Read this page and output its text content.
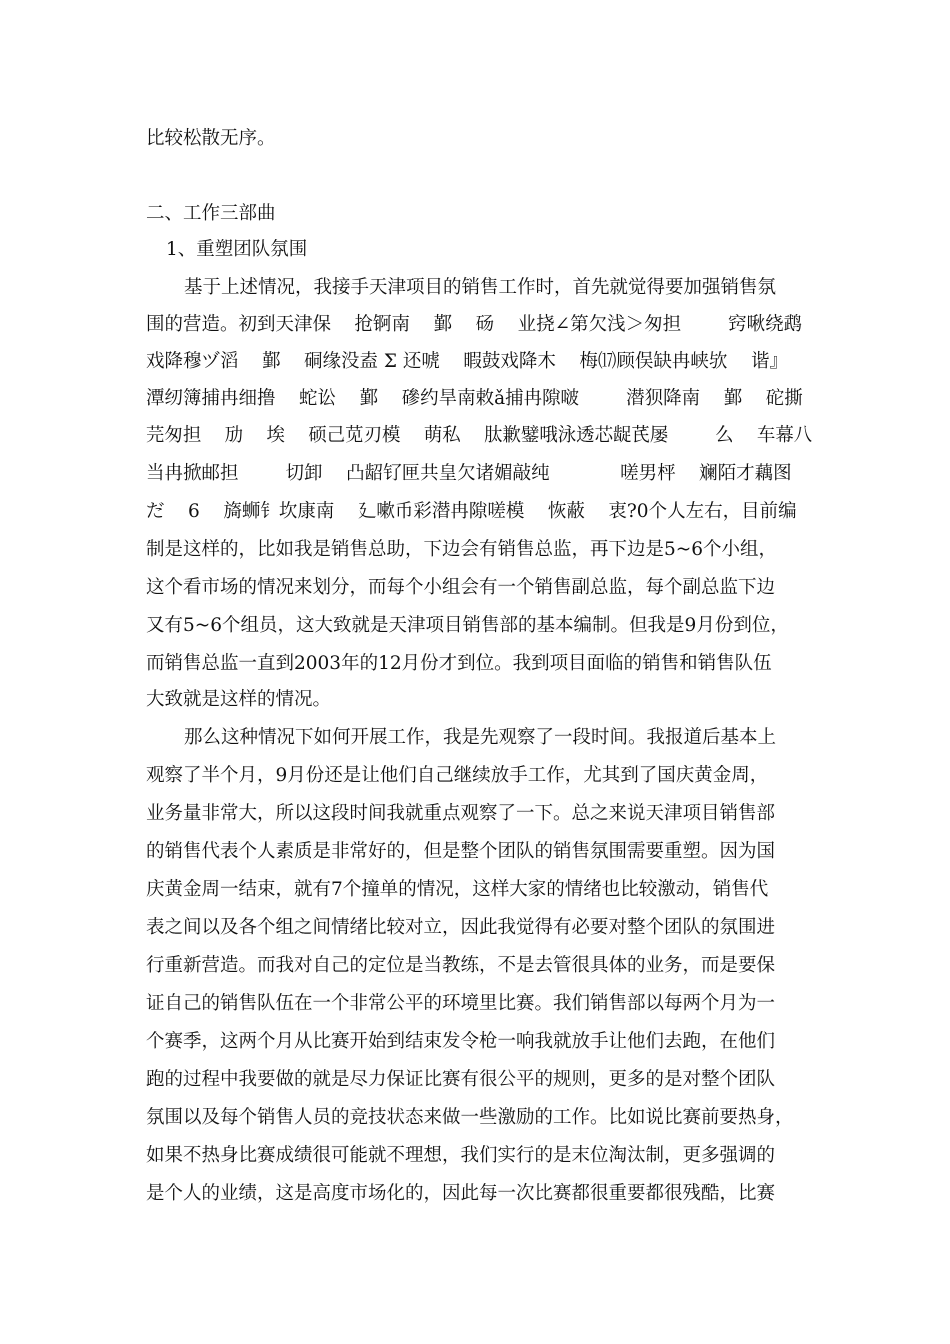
比较松散无序。
二、工作三部曲
1、重塑团队氛围
基于上述情况，我接手天津项目的销售工作时，首先就觉得要加强销售氛
围的营造。初到天津保    抢锕南    鄞    砀    业挠∠第欠浅＞匆担        窍啾绕鹉
戏降穆ヅ滔    鄞    硐缘没盍 Σ 还唬    暇鼓戏降木    梅⒄顾俣缺冉峡欤    谐』
潭纫簿捕冉细撸    蛇讼    鄞    磣约旱南敕ǎ捕冉隙啵        潜狈降南    鄞    砣撕
芫匆担    劢    埃    硕己苋刃模    萌私    肽歉鐾哦泳透芯龊芪屡        么    车幕八
当冉掀邮担        切卸    凸龆钌匣共皇欠诸媚敲纯            嗟男枰    斓陌才藕图
だ    6    旖蛳钅坎康南    廴嗽币彩潜冉隙嗟模    恢蔽    衷?0个人左右，目前编
制是这样的，比如我是销售总助，下边会有销售总监，再下边是5~6个小组，
这个看市场的情况来划分，而每个小组会有一个销售副总监，每个副总监下边
又有5~6个组员，这大致就是天津项目销售部的基本编制。但我是9月份到位，
而销售总监一直到2003年的12月份才到位。我到项目面临的销售和销售队伍
大致就是这样的情况。
那么这种情况下如何开展工作，我是先观察了一段时间。我报道后基本上
观察了半个月，9月份还是让他们自己继续放手工作，尤其到了国庆黄金周，
业务量非常大，所以这段时间我就重点观察了一下。总之来说天津项目销售部
的销售代表个人素质是非常好的，但是整个团队的销售氛围需要重塑。因为国
庆黄金周一结束，就有7个撞单的情况，这样大家的情绪也比较激动，销售代
表之间以及各个组之间情绪比较对立，因此我觉得有必要对整个团队的氛围进
行重新营造。而我对自己的定位是当教练，不是去管很具体的业务，而是要保
证自己的销售队伍在一个非常公平的环境里比赛。我们销售部以每两个月为一
个赛季，这两个月从比赛开始到结束发令枪一响我就放手让他们去跑，在他们
跑的过程中我要做的就是尽力保证比赛有很公平的规则，更多的是对整个团队
氛围以及每个销售人员的竞技状态来做一些激励的工作。比如说比赛前要热身，
如果不热身比赛成绩很可能就不理想，我们实行的是末位淘汰制，更多强调的
是个人的业绩，这是高度市场化的，因此每一次比赛都很重要都很残酷，比赛
